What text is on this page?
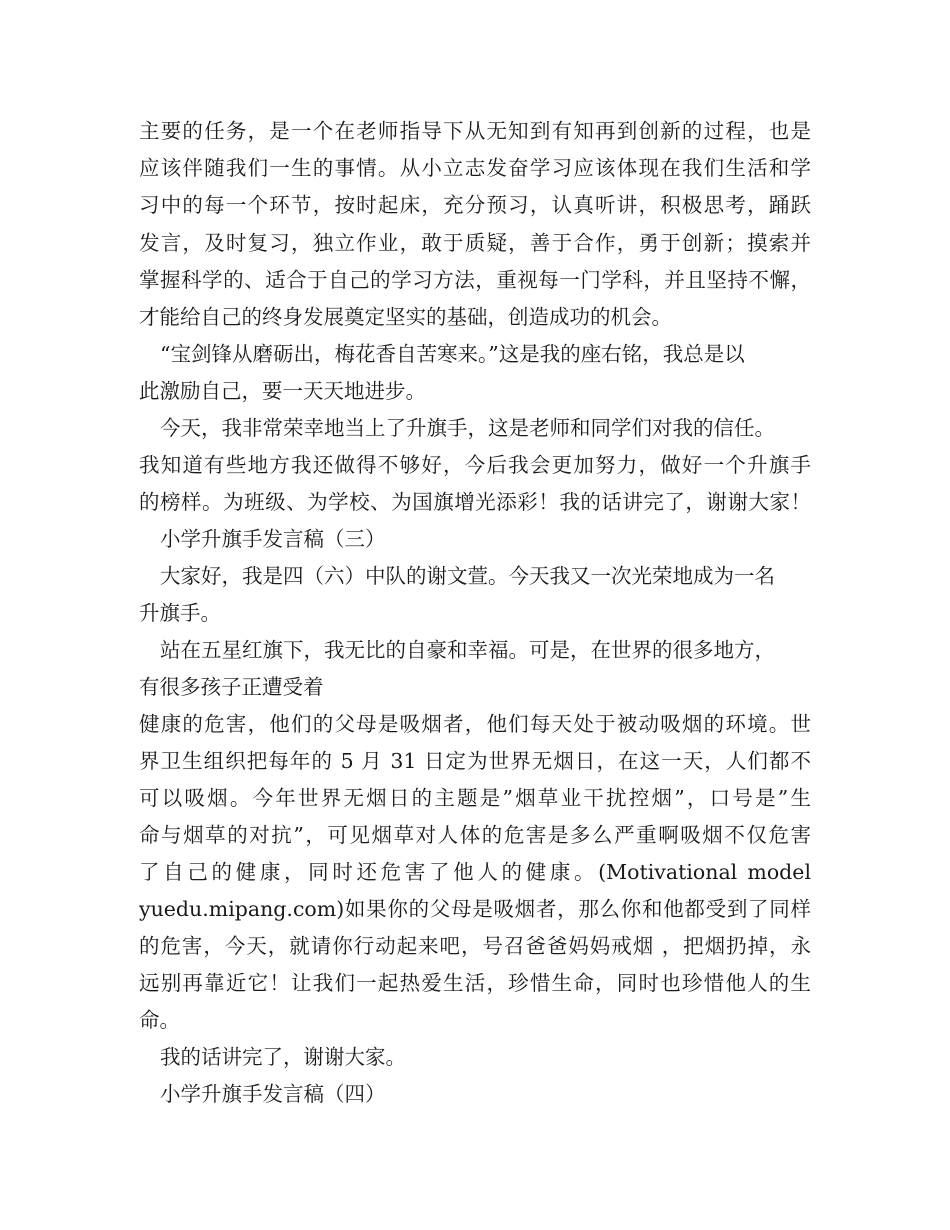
主要的任务，是一个在老师指导下从无知到有知再到创新的过程，也是
应该伴随我们一生的事情。从小立志发奋学习应该体现在我们生活和学
习中的每一个环节，按时起床，充分预习，认真听讲，积极思考，踊跃
发言，及时复习，独立作业，敢于质疑，善于合作，勇于创新；摸索并
掌握科学的、适合于自己的学习方法，重视每一门学科，并且坚持不懈，
才能给自己的终身发展奠定坚实的基础，创造成功的机会。
“宝剑锋从磨砺出，梅花香自苦寒来。”这是我的座右铭，我总是以
此激励自己，要一天天地进步。
今天，我非常荣幸地当上了升旗手，这是老师和同学们对我的信任。
我知道有些地方我还做得不够好，今后我会更加努力，做好一个升旗手
的榜样。为班级、为学校、为国旗增光添彩！我的话讲完了，谢谢大家！
小学升旗手发言稿（三）
大家好，我是四（六）中队的谢文萱。今天我又一次光荣地成为一名
升旗手。
站在五星红旗下，我无比的自豪和幸福。可是，在世界的很多地方，
有很多孩子正遭受着
健康的危害，他们的父母是吸烟者，他们每天处于被动吸烟的环境。世
界卫生组织把每年的 5 月 31 日定为世界无烟日，在这一天，人们都不
可以吸烟。今年世界无烟日的主题是”烟草业干扰控烟”，口号是”生
命与烟草的对抗”，可见烟草对人体的危害是多么严重啊吸烟不仅危害
了自己的健康，同时还危害了他人的健康。(Motivational model
yuedu.mipang.com)如果你的父母是吸烟者，那么你和他都受到了同样
的危害，今天，就请你行动起来吧，号召爸爸妈妈戒烟 ，把烟扔掉，永
远别再靠近它！让我们一起热爱生活，珍惜生命，同时也珍惜他人的生
命。
我的话讲完了，谢谢大家。
小学升旗手发言稿（四）
